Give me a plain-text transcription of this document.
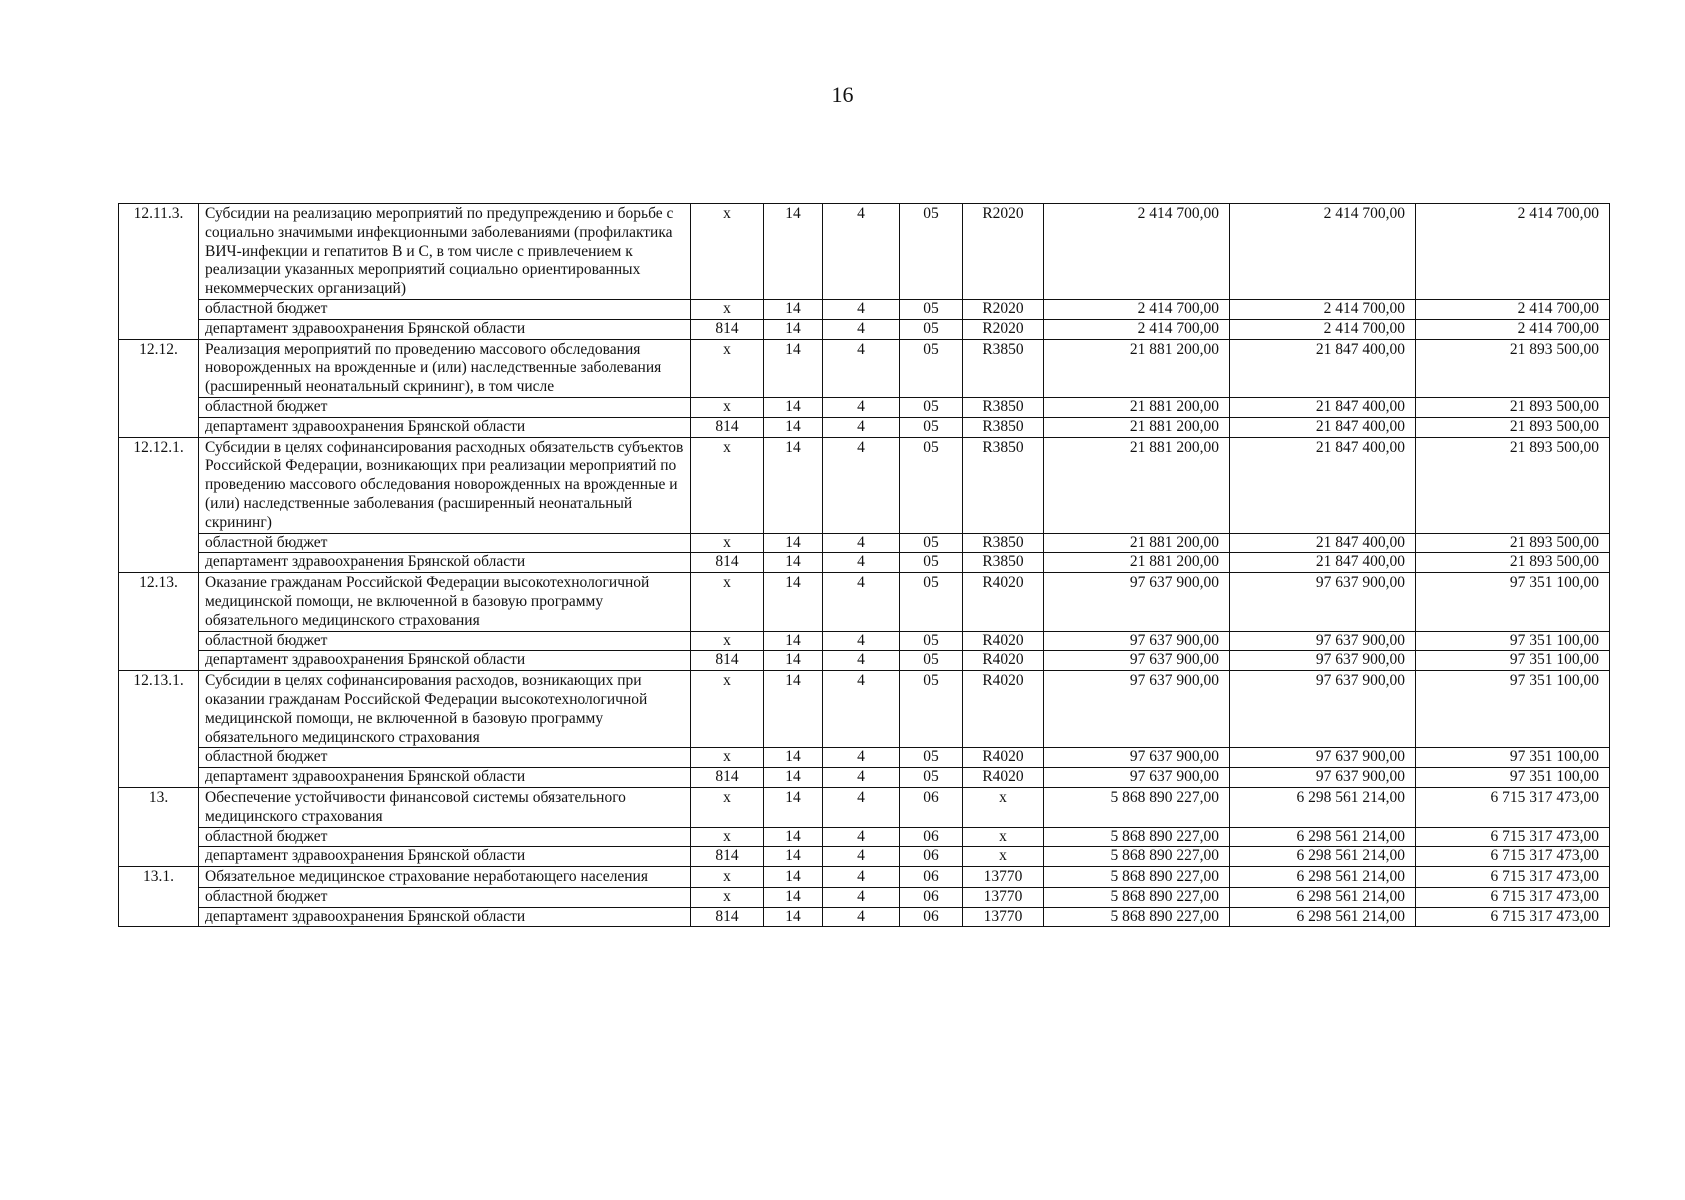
16
12.11.3.	Субсидии на реализацию мероприятий по предупреждению и борьбе с социально значимыми инфекционными заболеваниями (профилактика ВИЧ-инфекции и гепатитов В и С, в том числе с привлечением к реализации указанных мероприятий социально ориентированных некоммерческих организаций)	x	14	4	05	R2020	2 414 700,00	2 414 700,00	2 414 700,00
	областной бюджет	x	14	4	05	R2020	2 414 700,00	2 414 700,00	2 414 700,00
	департамент здравоохранения Брянской области	814	14	4	05	R2020	2 414 700,00	2 414 700,00	2 414 700,00
12.12.	Реализация мероприятий по проведению массового обследования новорожденных на врожденные и (или) наследственные заболевания (расширенный неонатальный скрининг), в том числе	x	14	4	05	R3850	21 881 200,00	21 847 400,00	21 893 500,00
	областной бюджет	x	14	4	05	R3850	21 881 200,00	21 847 400,00	21 893 500,00
	департамент здравоохранения Брянской области	814	14	4	05	R3850	21 881 200,00	21 847 400,00	21 893 500,00
12.12.1.	Субсидии в целях софинансирования расходных обязательств субъектов Российской Федерации, возникающих при реализации мероприятий по проведению массового обследования новорожденных на врожденные и (или) наследственные заболевания (расширенный неонатальный скрининг)	x	14	4	05	R3850	21 881 200,00	21 847 400,00	21 893 500,00
	областной бюджет	x	14	4	05	R3850	21 881 200,00	21 847 400,00	21 893 500,00
	департамент здравоохранения Брянской области	814	14	4	05	R3850	21 881 200,00	21 847 400,00	21 893 500,00
12.13.	Оказание гражданам Российской Федерации высокотехнологичной медицинской помощи, не включенной в базовую программу обязательного медицинского страхования	x	14	4	05	R4020	97 637 900,00	97 637 900,00	97 351 100,00
	областной бюджет	x	14	4	05	R4020	97 637 900,00	97 637 900,00	97 351 100,00
	департамент здравоохранения Брянской области	814	14	4	05	R4020	97 637 900,00	97 637 900,00	97 351 100,00
12.13.1.	Субсидии в целях софинансирования расходов, возникающих при оказании гражданам Российской Федерации высокотехнологичной медицинской помощи, не включенной в базовую программу обязательного медицинского страхования	x	14	4	05	R4020	97 637 900,00	97 637 900,00	97 351 100,00
	областной бюджет	x	14	4	05	R4020	97 637 900,00	97 637 900,00	97 351 100,00
	департамент здравоохранения Брянской области	814	14	4	05	R4020	97 637 900,00	97 637 900,00	97 351 100,00
13.	Обеспечение устойчивости финансовой системы обязательного медицинского страхования	x	14	4	06	x	5 868 890 227,00	6 298 561 214,00	6 715 317 473,00
	областной бюджет	x	14	4	06	x	5 868 890 227,00	6 298 561 214,00	6 715 317 473,00
	департамент здравоохранения Брянской области	814	14	4	06	x	5 868 890 227,00	6 298 561 214,00	6 715 317 473,00
13.1.	Обязательное медицинское страхование неработающего населения	x	14	4	06	13770	5 868 890 227,00	6 298 561 214,00	6 715 317 473,00
	областной бюджет	x	14	4	06	13770	5 868 890 227,00	6 298 561 214,00	6 715 317 473,00
	департамент здравоохранения Брянской области	814	14	4	06	13770	5 868 890 227,00	6 298 561 214,00	6 715 317 473,00
